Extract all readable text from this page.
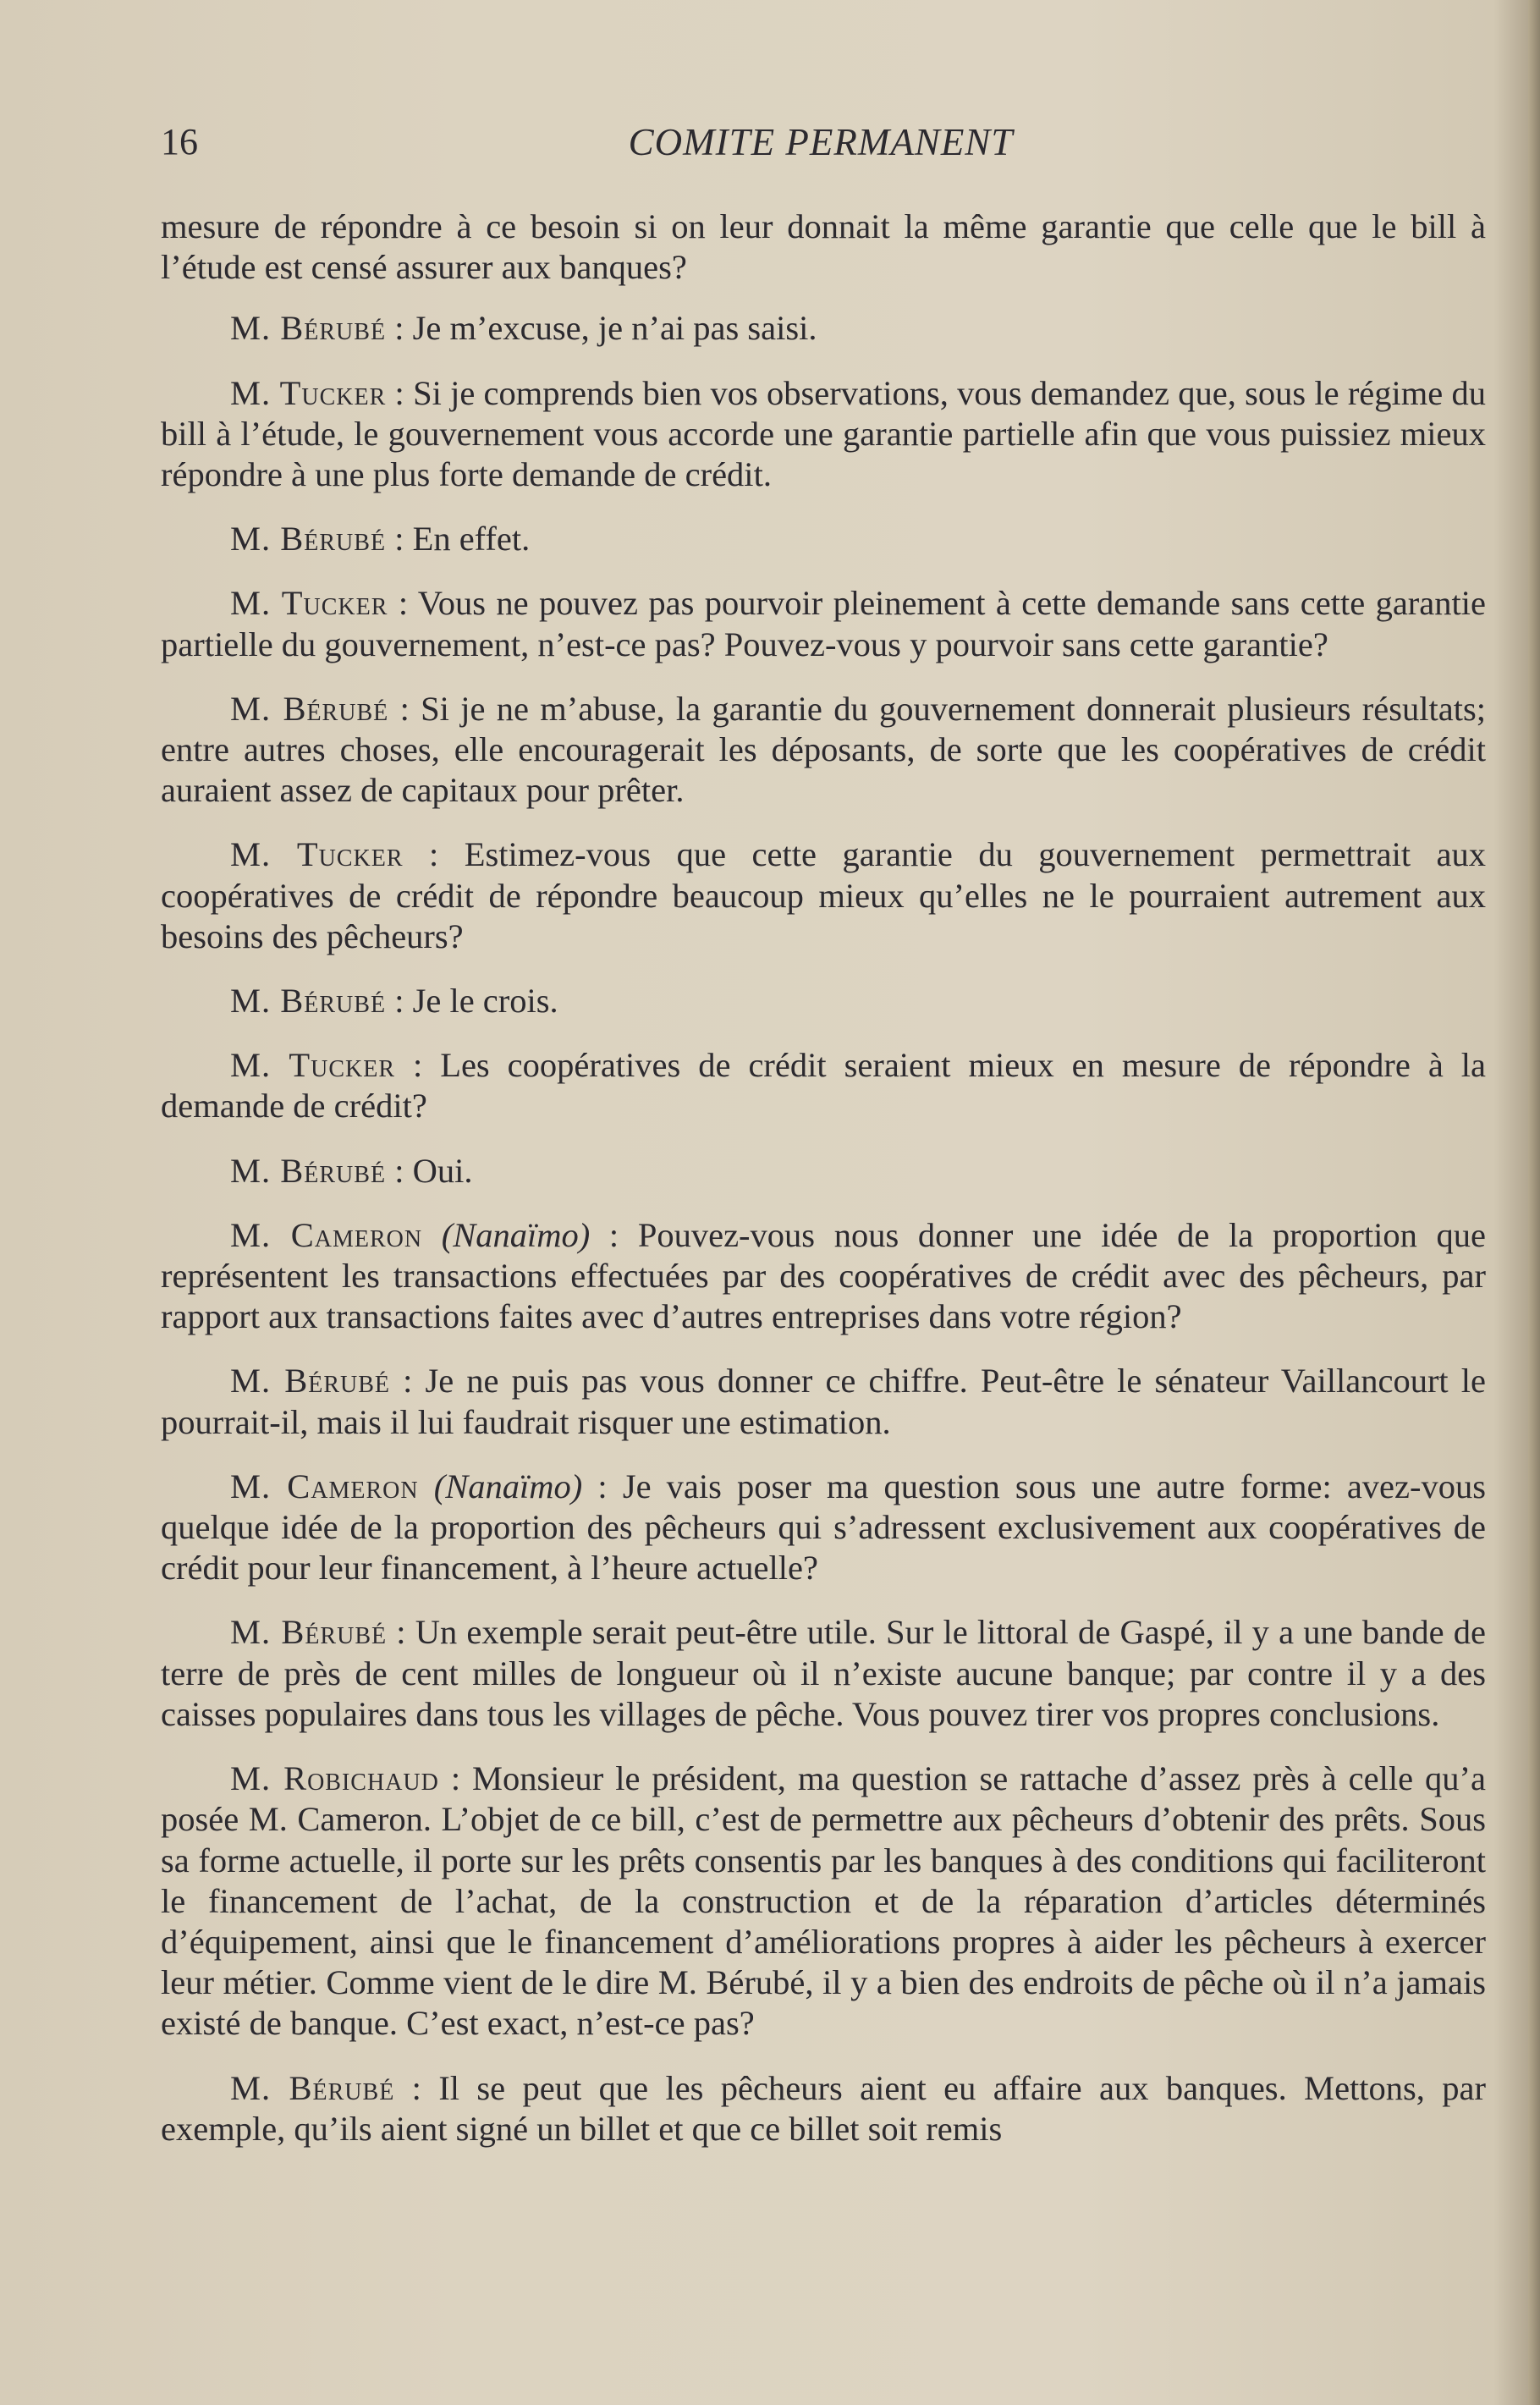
16	COMITE PERMANENT

mesure de répondre à ce besoin si on leur donnait la même garantie que celle que le bill à l’étude est censé assurer aux banques?

M. Bérubé : Je m’excuse, je n’ai pas saisi.

M. Tucker : Si je comprends bien vos observations, vous demandez que, sous le régime du bill à l’étude, le gouvernement vous accorde une garantie partielle afin que vous puissiez mieux répondre à une plus forte demande de crédit.

M. Bérubé : En effet.

M. Tucker : Vous ne pouvez pas pourvoir pleinement à cette demande sans cette garantie partielle du gouvernement, n’est-ce pas? Pouvez-vous y pourvoir sans cette garantie?

M. Bérubé : Si je ne m’abuse, la garantie du gouvernement donnerait plusieurs résultats; entre autres choses, elle encouragerait les déposants, de sorte que les coopératives de crédit auraient assez de capitaux pour prêter.

M. Tucker : Estimez-vous que cette garantie du gouvernement permettrait aux coopératives de crédit de répondre beaucoup mieux qu’elles ne le pourraient autrement aux besoins des pêcheurs?

M. Bérubé : Je le crois.

M. Tucker : Les coopératives de crédit seraient mieux en mesure de répondre à la demande de crédit?

M. Bérubé : Oui.

M. Cameron (Nanaïmo) : Pouvez-vous nous donner une idée de la proportion que représentent les transactions effectuées par des coopératives de crédit avec des pêcheurs, par rapport aux transactions faites avec d’autres entreprises dans votre région?

M. Bérubé : Je ne puis pas vous donner ce chiffre. Peut-être le sénateur Vaillancourt le pourrait-il, mais il lui faudrait risquer une estimation.

M. Cameron (Nanaïmo) : Je vais poser ma question sous une autre forme: avez-vous quelque idée de la proportion des pêcheurs qui s’adressent exclusivement aux coopératives de crédit pour leur financement, à l’heure actuelle?

M. Bérubé : Un exemple serait peut-être utile. Sur le littoral de Gaspé, il y a une bande de terre de près de cent milles de longueur où il n’existe aucune banque; par contre il y a des caisses populaires dans tous les villages de pêche. Vous pouvez tirer vos propres conclusions.

M. Robichaud : Monsieur le président, ma question se rattache d’assez près à celle qu’a posée M. Cameron. L’objet de ce bill, c’est de permettre aux pêcheurs d’obtenir des prêts. Sous sa forme actuelle, il porte sur les prêts consentis par les banques à des conditions qui faciliteront le financement de l’achat, de la construction et de la réparation d’articles déterminés d’équipement, ainsi que le financement d’améliorations propres à aider les pêcheurs à exercer leur métier. Comme vient de le dire M. Bérubé, il y a bien des endroits de pêche où il n’a jamais existé de banque. C’est exact, n’est-ce pas?

M. Bérubé : Il se peut que les pêcheurs aient eu affaire aux banques. Mettons, par exemple, qu’ils aient signé un billet et que ce billet soit remis
